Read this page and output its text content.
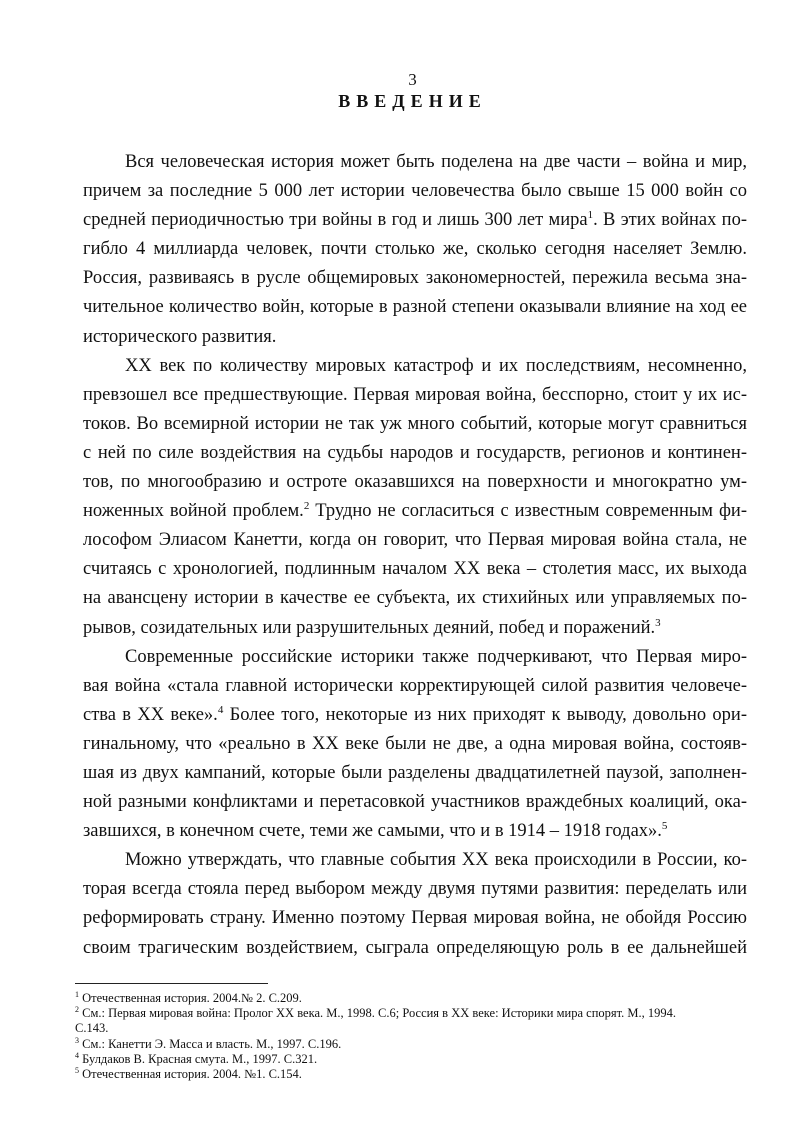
3
ВВЕДЕНИЕ
Вся человеческая история может быть поделена на две части – война и мир,
причем за последние 5 000 лет истории человечества было свыше 15 000 войн со
средней периодичностью три войны в год и лишь 300 лет мира$^1$. В этих войнах по-
гибло 4 миллиарда человек, почти столько же, сколько сегодня населяет Землю.
Россия, развиваясь в русле общемировых закономерностей, пережила весьма зна-
чительное количество войн, которые в разной степени оказывали влияние на ход ее
исторического развития.
XX век по количеству мировых катастроф и их последствиям, несомненно,
превзошел все предшествующие. Первая мировая война, бесспорно, стоит у их ис-
токов. Во всемирной истории не так уж много событий, которые могут сравниться
с ней по силе воздействия на судьбы народов и государств, регионов и континен-
тов, по многообразию и остроте оказавшихся на поверхности и многократно ум-
ноженных войной проблем.$^2$ Трудно не согласиться с известным современным фи-
лософом Элиасом Канетти, когда он говорит, что Первая мировая война стала, не
считаясь с хронологией, подлинным началом XX века – столетия масс, их выхода
на авансцену истории в качестве ее субъекта, их стихийных или управляемых по-
рывов, созидательных или разрушительных деяний, побед и поражений.$^3$
Современные российские историки также подчеркивают, что Первая миро-
вая война «стала главной исторически корректирующей силой развития человече-
ства в XX веке».$^4$ Более того, некоторые из них приходят к выводу, довольно ори-
гинальному, что «реально в XX веке были не две, а одна мировая война, состояв-
шая из двух кампаний, которые были разделены двадцатилетней паузой, заполнен-
ной разными конфликтами и перетасовкой участников враждебных коалиций, ока-
завшихся, в конечном счете, теми же самыми, что и в 1914 – 1918 годах».$^5$
Можно утверждать, что главные события XX века происходили в России, ко-
торая всегда стояла перед выбором между двумя путями развития: переделать или
реформировать страну. Именно поэтому Первая мировая война, не обойдя Россию
своим трагическим воздействием, сыграла определяющую роль в ее дальнейшей
$^1$ Отечественная история. 2004.№ 2. С.209.
$^2$ См.: Первая мировая война: Пролог XX века. М., 1998. С.6; Россия в XX веке: Историки мира спорят. М., 1994.
С.143.
$^3$ См.: Канетти Э. Масса и власть. М., 1997. С.196.
$^4$ Булдаков В. Красная смута. М., 1997. С.321.
$^5$ Отечественная история. 2004. №1. С.154.
